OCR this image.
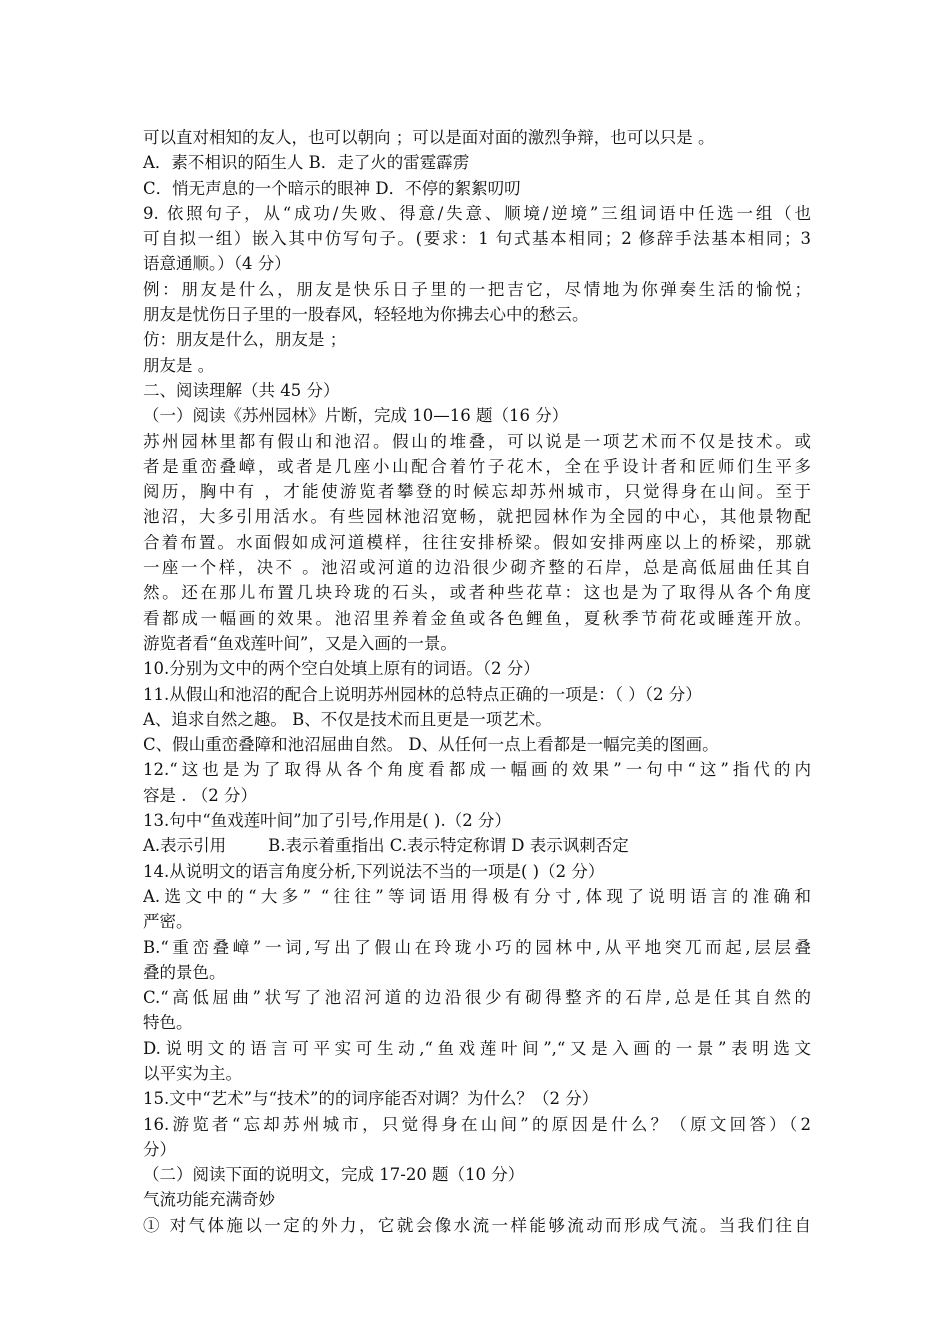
可以直对相知的友人，也可以朝向 ；可以是面对面的激烈争辩，也可以只是 。
A．素不相识的陌生人 B．走了火的雷霆霹雳
C．悄无声息的一个暗示的眼神 D．不停的絮絮叨叨
9. 依照句子，从“成功/失败、得意/失意、顺境/逆境”三组词语中任选一组（也
可自拟一组）嵌入其中仿写句子。(要求：1 句式基本相同；2 修辞手法基本相同；3
语意通顺。）（4 分）
例：朋友是什么，朋友是快乐日子里的一把吉它，尽情地为你弹奏生活的愉悦；
朋友是忧伤日子里的一股春风，轻轻地为你拂去心中的愁云。
仿：朋友是什么，朋友是 ；
朋友是 。
二、阅读理解（共 45 分）
（一）阅读《苏州园林》片断，完成 10—16 题（16 分）
苏州园林里都有假山和池沼。假山的堆叠，可以说是一项艺术而不仅是技术。或
者是重峦叠嶂，或者是几座小山配合着竹子花木，全在乎设计者和匠师们生平多
阅历，胸中有 ，才能使游览者攀登的时候忘却苏州城市，只觉得身在山间。至于
池沼，大多引用活水。有些园林池沼宽畅，就把园林作为全园的中心，其他景物配
合着布置。水面假如成河道模样，往往安排桥梁。假如安排两座以上的桥梁，那就
一座一个样，决不 。池沼或河道的边沿很少砌齐整的石岸，总是高低屈曲任其自
然。还在那儿布置几块玲珑的石头，或者种些花草：这也是为了取得从各个角度
看都成一幅画的效果。池沼里养着金鱼或各色鲤鱼，夏秋季节荷花或睡莲开放。
游览者看“鱼戏莲叶间”，又是入画的一景。
10.分别为文中的两个空白处填上原有的词语。（2 分）
11.从假山和池沼的配合上说明苏州园林的总特点正确的一项是：（ ）（2 分）
A、追求自然之趣。 B、不仅是技术而且更是一项艺术。
C、假山重峦叠障和池沼屈曲自然。 D、从任何一点上看都是一幅完美的图画。
12.“这也是为了取得从各个角度看都成一幅画的效果”一句中“这”指代的内
容是 . （2 分）
13.句中“鱼戏莲叶间”加了引号,作用是( ).（2 分）
A.表示引用        B.表示着重指出 C.表示特定称谓 D 表示讽刺否定
14.从说明文的语言角度分析,下列说法不当的一项是( )（2 分）
A.选文中的“大多” “往往”等词语用得极有分寸,体现了说明语言的准确和
严密。
B.“重峦叠嶂”一词,写出了假山在玲珑小巧的园林中,从平地突兀而起,层层叠
叠的景色。
C.“高低屈曲”状写了池沼河道的边沿很少有砌得整齐的石岸,总是任其自然的
特色。
D.说明文的语言可平实可生动,“鱼戏莲叶间”,“又是入画的一景”表明选文
以平实为主。
15.文中“艺术”与“技术”的的词序能否对调？为什么？（2 分）
16.游览者“忘却苏州城市，只觉得身在山间”的原因是什么？（原文回答）（2
分）
（二）阅读下面的说明文，完成 17-20 题（10 分）
气流功能充满奇妙
① 对气体施以一定的外力，它就会像水流一样能够流动而形成气流。当我们往自
